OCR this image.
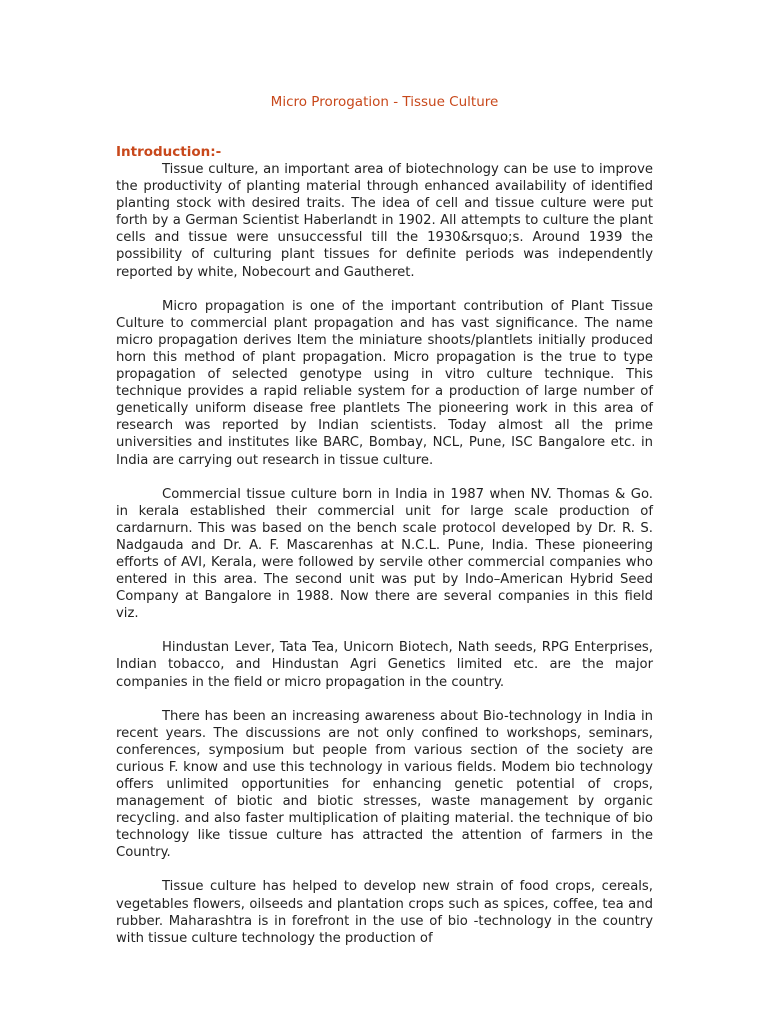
Micro Prorogation - Tissue Culture
Introduction:-

Tissue culture, an important area of biotechnology can be use to improve the productivity of planting material through enhanced availability of identified planting stock with desired traits. The idea of cell and tissue culture were put forth by a German Scientist Haberlandt in 1902. All attempts to culture the plant cells and tissue were unsuccessful till the 1930&rsquo;s. Around 1939 the possibility of culturing plant tissues for definite periods was independently reported by white, Nobecourt and Gautheret.

Micro propagation is one of the important contribution of Plant Tissue Culture to commercial plant propagation and has vast significance. The name micro propagation derives Item the miniature shoots/plantlets initially produced horn this method of plant propagation. Micro propagation is the true to type propagation of selected genotype using in vitro culture technique. This technique provides a rapid reliable system for a production of large number of genetically uniform disease free plantlets The pioneering work in this area of research was reported by Indian scientists. Today almost all the prime universities and institutes like BARC, Bombay, NCL, Pune, ISC Bangalore etc. in India are carrying out research in tissue culture.

Commercial tissue culture born in India in 1987 when NV. Thomas & Go. in kerala established their commercial unit for large scale production of cardarnurn. This was based on the bench scale protocol developed by Dr. R. S. Nadgauda and Dr. A. F. Mascarenhas at N.C.L. Pune, India. These pioneering efforts of AVI, Kerala, were followed by servile other commercial companies who entered in this area. The second unit was put by Indo–American Hybrid Seed Company at Bangalore in 1988. Now there are several companies in this field viz.

Hindustan Lever, Tata Tea, Unicorn Biotech, Nath seeds, RPG Enterprises, Indian tobacco, and Hindustan Agri Genetics limited etc. are the major companies in the field or micro propagation in the country.

There has been an increasing awareness about Bio-technology in India in recent years. The discussions are not only confined to workshops, seminars, conferences, symposium but people from various section of the society are curious F. know and use this technology in various fields. Modem bio technology offers unlimited opportunities for enhancing genetic potential of crops, management of biotic and biotic stresses, waste management by organic recycling. and also faster multiplication of plaiting material. the technique of bio technology like tissue culture has attracted the attention of farmers in the Country.

Tissue culture has helped to develop new strain of food crops, cereals, vegetables flowers, oilseeds and plantation crops such as spices, coffee, tea and rubber. Maharashtra is in forefront in the use of bio -technology in the country with tissue culture technology the production of
